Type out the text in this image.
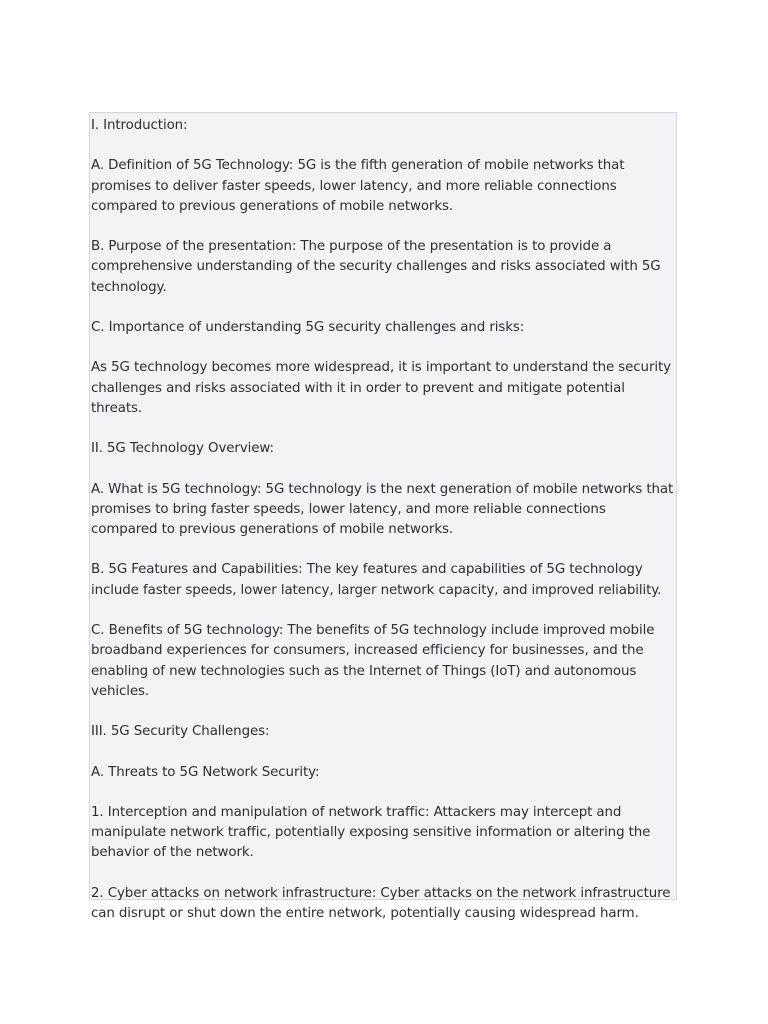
I. Introduction:

A. Definition of 5G Technology: 5G is the fifth generation of mobile networks that promises to deliver faster speeds, lower latency, and more reliable connections compared to previous generations of mobile networks.

B. Purpose of the presentation: The purpose of the presentation is to provide a comprehensive understanding of the security challenges and risks associated with 5G technology.

C. Importance of understanding 5G security challenges and risks:

As 5G technology becomes more widespread, it is important to understand the security challenges and risks associated with it in order to prevent and mitigate potential threats.

II. 5G Technology Overview:

A. What is 5G technology: 5G technology is the next generation of mobile networks that promises to bring faster speeds, lower latency, and more reliable connections compared to previous generations of mobile networks.

B. 5G Features and Capabilities: The key features and capabilities of 5G technology include faster speeds, lower latency, larger network capacity, and improved reliability.

C. Benefits of 5G technology: The benefits of 5G technology include improved mobile broadband experiences for consumers, increased efficiency for businesses, and the enabling of new technologies such as the Internet of Things (IoT) and autonomous vehicles.

III. 5G Security Challenges:

A. Threats to 5G Network Security:

1. Interception and manipulation of network traffic: Attackers may intercept and manipulate network traffic, potentially exposing sensitive information or altering the behavior of the network.

2. Cyber attacks on network infrastructure: Cyber attacks on the network infrastructure can disrupt or shut down the entire network, potentially causing widespread harm.
